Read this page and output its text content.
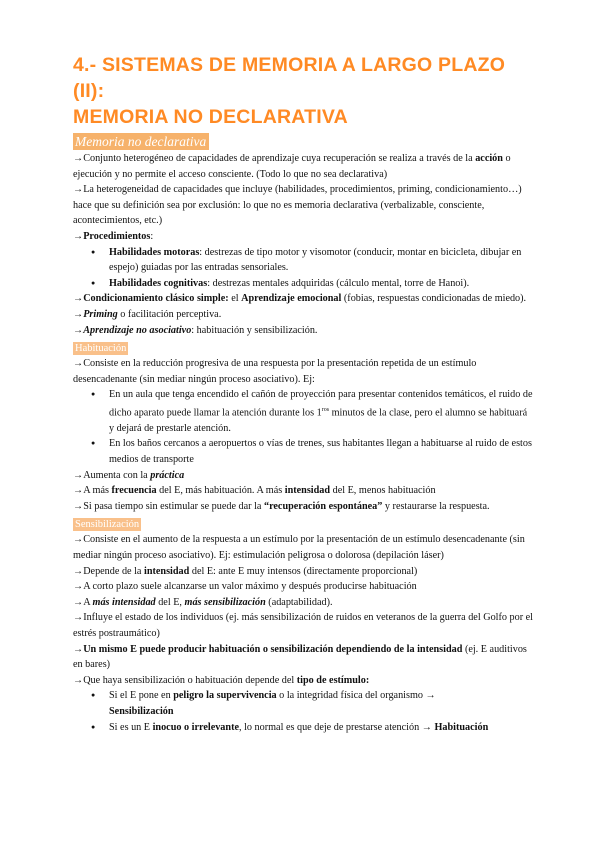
4.- SISTEMAS DE MEMORIA A LARGO PLAZO (II):
MEMORIA NO DECLARATIVA
Memoria no declarativa

→Conjunto heterogéneo de capacidades de aprendizaje cuya recuperación se realiza a través de la acción o ejecución y no permite el acceso consciente. (Todo lo que no sea declarativa)

→La heterogeneidad de capacidades que incluye (habilidades, procedimientos, priming, condicionamiento…) hace que su definición sea por exclusión: lo que no es memoria declarativa (verbalizable, consciente, acontecimientos, etc.)

→Procedimientos:

● Habilidades motoras: destrezas de tipo motor y visomotor (conducir, montar en bicicleta, dibujar en espejo) guiadas por las entradas sensoriales.

● Habilidades cognitivas: destrezas mentales adquiridas (cálculo mental, torre de Hanoi).

→Condicionamiento clásico simple: el Aprendizaje emocional (fobias, respuestas condicionadas de miedo).

→Priming o facilitación perceptiva.

→Aprendizaje no asociativo: habituación y sensibilización.

Habituación

→Consiste en la reducción progresiva de una respuesta por la presentación repetida de un estímulo desencadenante (sin mediar ningún proceso asociativo). Ej:

● En un aula que tenga encendido el cañón de proyección para presentar contenidos temáticos, el ruido de dicho aparato puede llamar la atención durante los $1^{ros}$ minutos de la clase, pero el alumno se habituará y dejará de prestarle atención.

● En los baños cercanos a aeropuertos o vías de trenes, sus habitantes llegan a habituarse al ruido de estos medios de transporte

→Aumenta con la práctica

→A más frecuencia del E, más habituación. A más intensidad del E, menos habituación

→Si pasa tiempo sin estimular se puede dar la “recuperación espontánea” y restaurarse la respuesta.

Sensibilización

→Consiste en el aumento de la respuesta a un estímulo por la presentación de un estímulo desencadenante (sin mediar ningún proceso asociativo). Ej: estimulación peligrosa o dolorosa (depilación láser)

→Depende de la intensidad del E: ante E muy intensos (directamente proporcional)

→A corto plazo suele alcanzarse un valor máximo y después producirse habituación

→A más intensidad del E, más sensibilización (adaptabilidad).

→Influye el estado de los individuos (ej. más sensibilización de ruidos en veteranos de la guerra del Golfo por el estrés postraumático)

→Un mismo E puede producir habituación o sensibilización dependiendo de la intensidad (ej. E auditivos en bares)

→Que haya sensibilización o habituación depende del tipo de estímulo:

● Si el E pone en peligro la supervivencia o la integridad física del organismo →
Sensibilización

● Si es un E inocuo o irrelevante, lo normal es que deje de prestarse atención → Habituación
